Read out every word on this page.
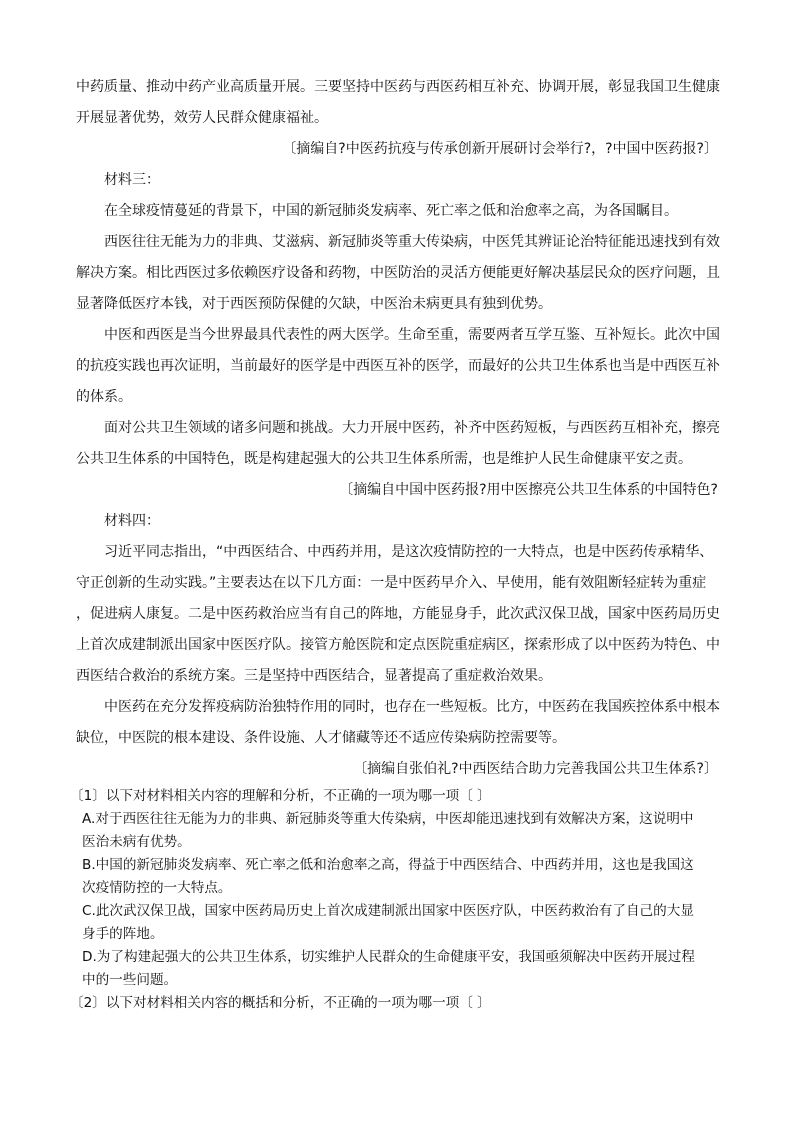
中药质量、推动中药产业高质量开展。三要坚持中医药与西医药相互补充、协调开展，彰显我国卫生健康

开展显著优势，效劳人民群众健康福祉。

〔摘编自?中医药抗疫与传承创新开展研讨会举行?，?中国中医药报?〕

材料三：

在全球疫情蔓延的背景下，中国的新冠肺炎发病率、死亡率之低和治愈率之高，为各国瞩目。

西医往往无能为力的非典、艾滋病、新冠肺炎等重大传染病，中医凭其辨证论治特征能迅速找到有效

解决方案。相比西医过多依赖医疗设备和药物，中医防治的灵活方便能更好解决基层民众的医疗问题，且

显著降低医疗本钱，对于西医预防保健的欠缺，中医治未病更具有独到优势。

中医和西医是当今世界最具代表性的两大医学。生命至重，需要两者互学互鉴、互补短长。此次中国

的抗疫实践也再次证明，当前最好的医学是中西医互补的医学，而最好的公共卫生体系也当是中西医互补

的体系。

面对公共卫生领域的诸多问题和挑战。大力开展中医药，补齐中医药短板，与西医药互相补充，擦亮

公共卫生体系的中国特色，既是构建起强大的公共卫生体系所需，也是维护人民生命健康平安之责。

〔摘编自中国中医药报?用中医擦亮公共卫生体系的中国特色?

材料四：

习近平同志指出，“中西医结合、中西药并用，是这次疫情防控的一大特点，也是中医药传承精华、

守正创新的生动实践。”主要表达在以下几方面：一是中医药早介入、早使用，能有效阻断轻症转为重症

，促进病人康复。二是中医药救治应当有自己的阵地，方能显身手，此次武汉保卫战，国家中医药局历史

上首次成建制派出国家中医医疗队。接管方舱医院和定点医院重症病区，探索形成了以中医药为特色、中

西医结合救治的系统方案。三是坚持中西医结合，显著提高了重症救治效果。

中医药在充分发挥疫病防治独特作用的同时，也存在一些短板。比方，中医药在我国疾控体系中根本

缺位，中医院的根本建设、条件设施、人才储藏等还不适应传染病防控需要等。

〔摘编自张伯礼?中西医结合助力完善我国公共卫生体系?〕

〔1〕以下对材料相关内容的理解和分析，不正确的一项为哪一项〔 〕

A.对于西医往往无能为力的非典、新冠肺炎等重大传染病，中医却能迅速找到有效解决方案，这说明中

医治未病有优势。

B.中国的新冠肺炎发病率、死亡率之低和治愈率之高，得益于中西医结合、中西药并用，这也是我国这

次疫情防控的一大特点。

C.此次武汉保卫战，国家中医药局历史上首次成建制派出国家中医医疗队，中医药救治有了自己的大显

身手的阵地。

D.为了构建起强大的公共卫生体系，切实维护人民群众的生命健康平安，我国亟须解决中医药开展过程

中的一些问题。

〔2〕以下对材料相关内容的概括和分析，不正确的一项为哪一项〔 〕
